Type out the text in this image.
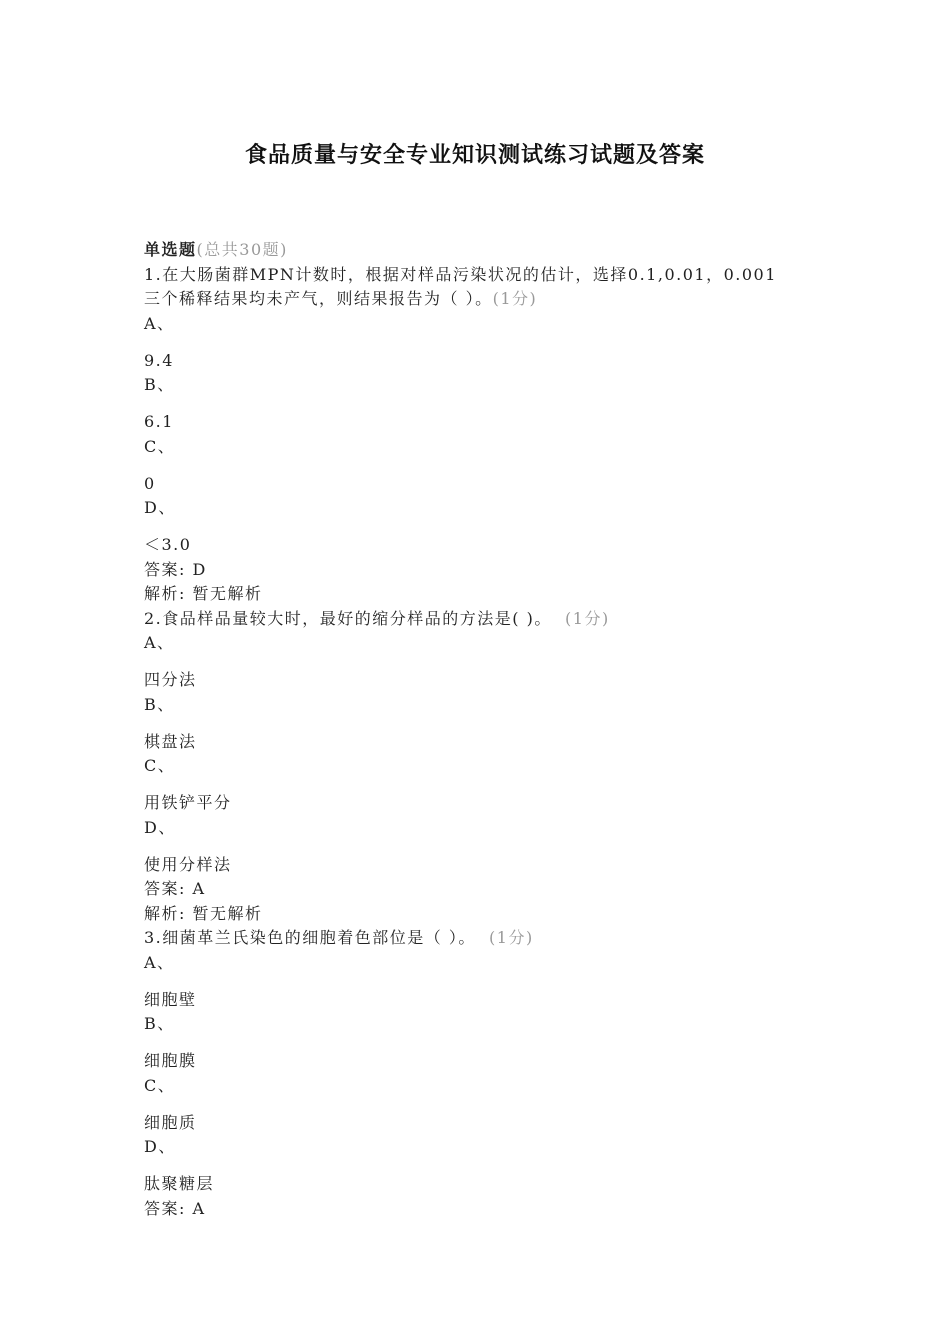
食品质量与安全专业知识测试练习试题及答案
单选题(总共30题)
1.在大肠菌群MPN计数时，根据对样品污染状况的估计，选择0.1,0.01，0.001
三个稀释结果均未产气，则结果报告为（ ）。(1分)
A、
9.4
B、
6.1
C、
0
D、
＜3.0
答案: D
解析: 暂无解析
2.食品样品量较大时，最好的缩分样品的方法是( )。 (1分)
A、
四分法
B、
棋盘法
C、
用铁铲平分
D、
使用分样法
答案: A
解析: 暂无解析
3.细菌革兰氏染色的细胞着色部位是（ ）。 (1分)
A、
细胞壁
B、
细胞膜
C、
细胞质
D、
肽聚糖层
答案: A
